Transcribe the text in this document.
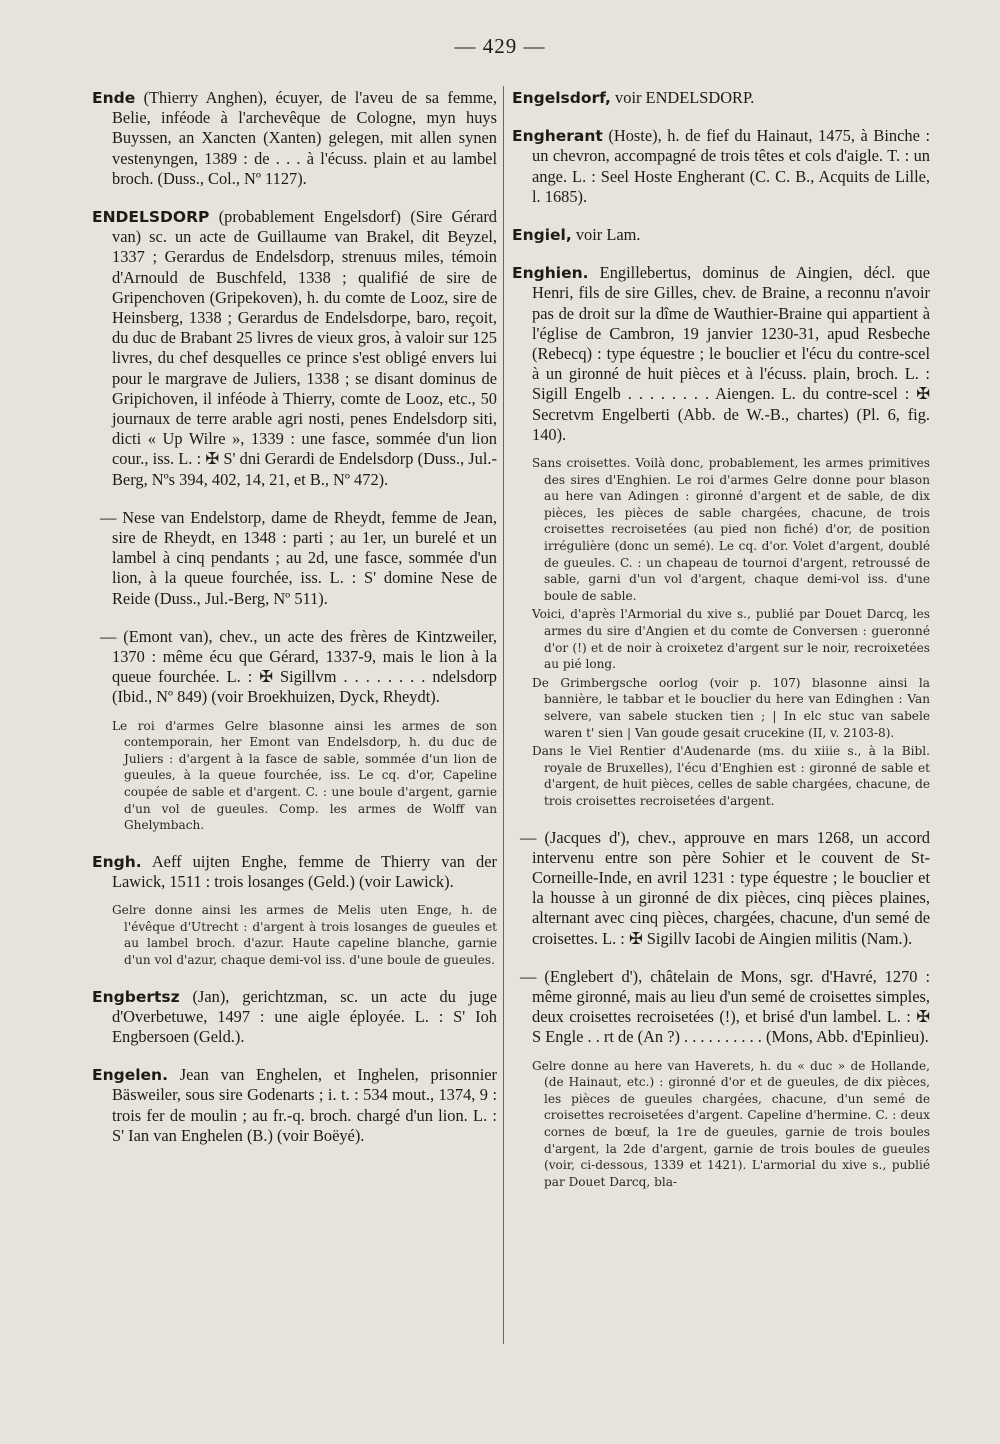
— 429 —

Ende (Thierry Anghen), écuyer, de l'aveu de sa femme, Belie, inféode à l'archevêque de Cologne, myn huys Buyssen, an Xancten (Xanten) gelegen, mit allen synen vestenyngen, 1389 : de . . . à l'écuss. plain et au lambel broch. (Duss., Col., Nº 1127).

ENDELSDORP (probablement Engelsdorf) (Sire Gérard van) sc. un acte de Guillaume van Brakel, dit Beyzel, 1337 ; Gerardus de Endelsdorp, strenuus miles, témoin d'Arnould de Buschfeld, 1338 ; qualifié de sire de Gripenchoven (Gripekoven), h. du comte de Looz, sire de Heinsberg, 1338 ; Gerardus de Endelsdorpe, baro, reçoit, du duc de Brabant 25 livres de vieux gros, à valoir sur 125 livres, du chef desquelles ce prince s'est obligé envers lui pour le margrave de Juliers, 1338 ; se disant dominus de Gripichoven, il inféode à Thierry, comte de Looz, etc., 50 journaux de terre arable agri nosti, penes Endelsdorp siti, dicti « Up Wilre », 1339 : une fasce, sommée d'un lion cour., iss. L. : ✠ S' dni Gerardi de Endelsdorp (Duss., Jul.-Berg, Nºs 394, 402, 14, 21, et B., Nº 472).

— Nese van Endelstorp, dame de Rheydt, femme de Jean, sire de Rheydt, en 1348 : parti ; au 1er, un burelé et un lambel à cinq pendants ; au 2d, une fasce, sommée d'un lion, à la queue fourchée, iss. L. : S' domine Nese de Reide (Duss., Jul.-Berg, Nº 511).

— (Emont van), chev., un acte des frères de Kintzweiler, 1370 : même écu que Gérard, 1337-9, mais le lion à la queue fourchée. L. : ✠ Sigillvm . . . . . . . . ndelsdorp (Ibid., Nº 849) (voir Broekhuizen, Dyck, Rheydt).

Le roi d'armes Gelre blasonne ainsi les armes de son contemporain, her Emont van Endelsdorp, h. du duc de Juliers : d'argent à la fasce de sable, sommée d'un lion de gueules, à la queue fourchée, iss. Le cq. d'or, Capeline coupée de sable et d'argent. C. : une boule d'argent, garnie d'un vol de gueules. Comp. les armes de Wolff van Ghelymbach.

Engh. Aeff uijten Enghe, femme de Thierry van der Lawick, 1511 : trois losanges (Geld.) (voir Lawick).

Gelre donne ainsi les armes de Melis uten Enge, h. de l'évêque d'Utrecht : d'argent à trois losanges de gueules et au lambel broch. d'azur. Haute capeline blanche, garnie d'un vol d'azur, chaque demi-vol iss. d'une boule de gueules.

Engbertsz (Jan), gerichtzman, sc. un acte du juge d'Overbetuwe, 1497 : une aigle éployée. L. : S' Ioh Engbersoen (Geld.).

Engelen. Jean van Enghelen, et Inghelen, prisonnier Bäsweiler, sous sire Godenarts ; i. t. : 534 mout., 1374, 9 : trois fer de moulin ; au fr.-q. broch. chargé d'un lion. L. : S' Ian van Enghelen (B.) (voir Boëyé).

Engelsdorf, voir ENDELSDORP.

Engherant (Hoste), h. de fief du Hainaut, 1475, à Binche : un chevron, accompagné de trois têtes et cols d'aigle. T. : un ange. L. : Seel Hoste Engherant (C. C. B., Acquits de Lille, l. 1685).

Engiel, voir Lam.

Enghien. Engillebertus, dominus de Aingien, décl. que Henri, fils de sire Gilles, chev. de Braine, a reconnu n'avoir pas de droit sur la dîme de Wauthier-Braine qui appartient à l'église de Cambron, 19 janvier 1230-31, apud Resbeche (Rebecq) : type équestre ; le bouclier et l'écu du contre-scel à un gironné de huit pièces et à l'écuss. plain, broch. L. : Sigill Engelb . . . . . . . . Aiengen. L. du contre-scel : ✠ Secretvm Engelberti (Abb. de W.-B., chartes) (Pl. 6, fig. 140).

Sans croisettes. Voilà donc, probablement, les armes primitives des sires d'Enghien. Le roi d'armes Gelre donne pour blason au here van Adingen : gironné d'argent et de sable, de dix pièces, les pièces de sable chargées, chacune, de trois croisettes recroisetées (au pied non fiché) d'or, de position irrégulière (donc un semé). Le cq. d'or. Volet d'argent, doublé de gueules. C. : un chapeau de tournoi d'argent, retroussé de sable, garni d'un vol d'argent, chaque demi-vol iss. d'une boule de sable.

Voici, d'après l'Armorial du xive s., publié par Douet Darcq, les armes du sire d'Angien et du comte de Conversen : gueronné d'or (!) et de noir à croixetez d'argent sur le noir, recroixetées au pié long.

De Grimbergsche oorlog (voir p. 107) blasonne ainsi la bannière, le tabbar et le bouclier du here van Edinghen : Van selvere, van sabele stucken tien ; | In elc stuc van sabele waren t' sien | Van goude gesait crucekine (II, v. 2103-8).

Dans le Viel Rentier d'Audenarde (ms. du xiiie s., à la Bibl. royale de Bruxelles), l'écu d'Enghien est : gironné de sable et d'argent, de huit pièces, celles de sable chargées, chacune, de trois croisettes recroisetées d'argent.

— (Jacques d'), chev., approuve en mars 1268, un accord intervenu entre son père Sohier et le couvent de St-Corneille-Inde, en avril 1231 : type équestre ; le bouclier et la housse à un gironné de dix pièces, cinq pièces plaines, alternant avec cinq pièces, chargées, chacune, d'un semé de croisettes. L. : ✠ Sigillv Iacobi de Aingien militis (Nam.).

— (Englebert d'), châtelain de Mons, sgr. d'Havré, 1270 : même gironné, mais au lieu d'un semé de croisettes simples, deux croisettes recroisetées (!), et brisé d'un lambel. L. : ✠ S Engle . . rt de (An ?) . . . . . . . . . . (Mons, Abb. d'Epinlieu).

Gelre donne au here van Haverets, h. du « duc » de Hollande, (de Hainaut, etc.) : gironné d'or et de gueules, de dix pièces, les pièces de gueules chargées, chacune, d'un semé de croisettes recroisetées d'argent. Capeline d'hermine. C. : deux cornes de bœuf, la 1re de gueules, garnie de trois boules d'argent, la 2de d'argent, garnie de trois boules de gueules (voir, ci-dessous, 1339 et 1421). L'armorial du xive s., publié par Douet Darcq, bla-
